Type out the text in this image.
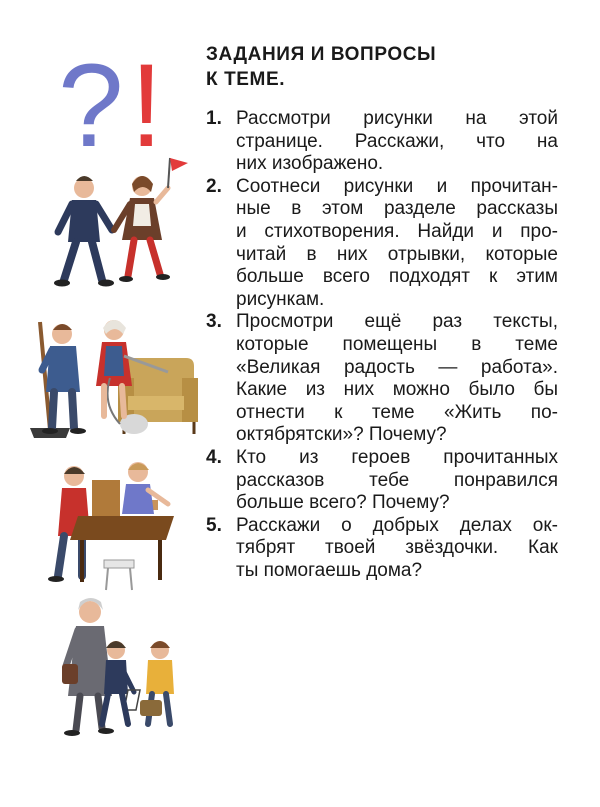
? ! ЗАДАНИЯ И ВОПРОСЫ
К ТЕМЕ.
1. Рассмотри рисунки на этой
странице. Расскажи, что на
них изображено.
2. Соотнеси рисунки и прочитан-
ные в этом разделе рассказы
и стихотворения. Найди и про-
читай в них отрывки, которые
больше всего подходят к этим
рисункам.
3. Просмотри ещё раз тексты,
которые помещены в теме
«Великая радость — работа».
Какие из них можно было бы
отнести к теме «Жить по-
октябрятски»? Почему?
4. Кто из героев прочитанных
рассказов тебе понравился
больше всего? Почему?
5. Расскажи о добрых делах ок-
тябрят твоей звёздочки. Как
ты помогаешь дома?
